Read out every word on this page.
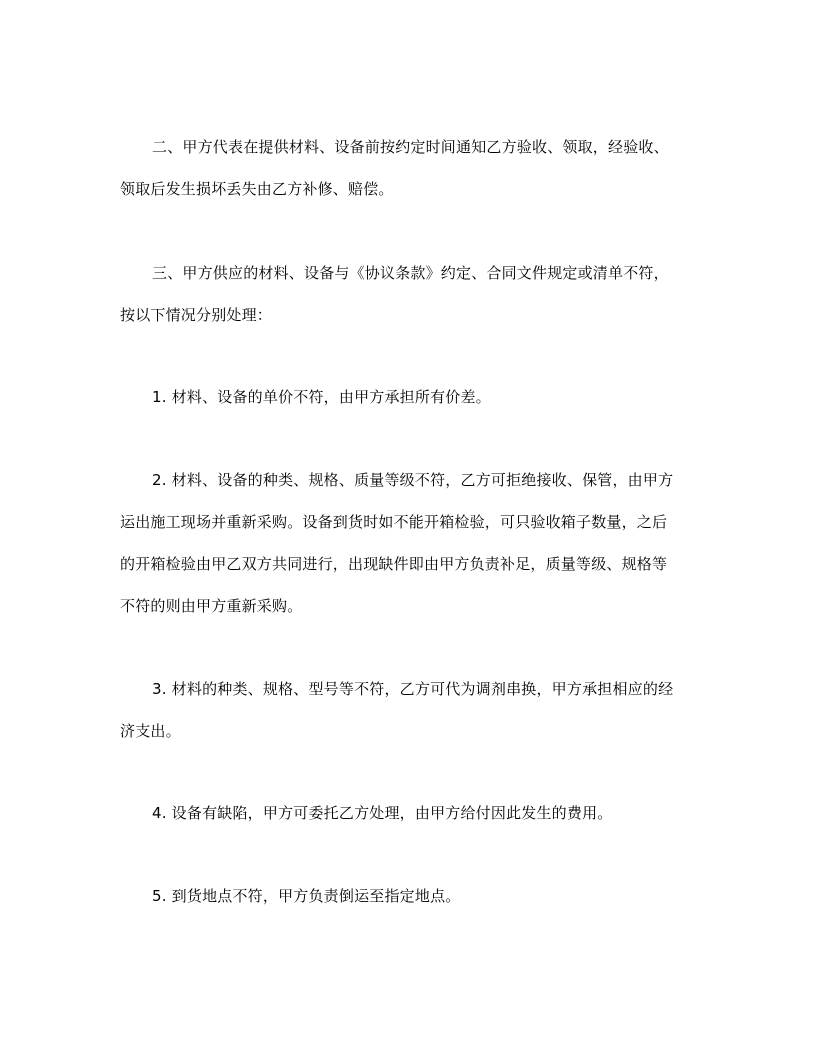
二、甲方代表在提供材料、设备前按约定时间通知乙方验收、领取，经验收、
领取后发生损坏丢失由乙方补修、赔偿。
三、甲方供应的材料、设备与《协议条款》约定、合同文件规定或清单不符，
按以下情况分别处理：
1. 材料、设备的单价不符，由甲方承担所有价差。
2. 材料、设备的种类、规格、质量等级不符，乙方可拒绝接收、保管，由甲方
运出施工现场并重新采购。设备到货时如不能开箱检验，可只验收箱子数量，之后
的开箱检验由甲乙双方共同进行，出现缺件即由甲方负责补足，质量等级、规格等
不符的则由甲方重新采购。
3. 材料的种类、规格、型号等不符，乙方可代为调剂串换，甲方承担相应的经
济支出。
4. 设备有缺陷，甲方可委托乙方处理，由甲方给付因此发生的费用。
5. 到货地点不符，甲方负责倒运至指定地点。
